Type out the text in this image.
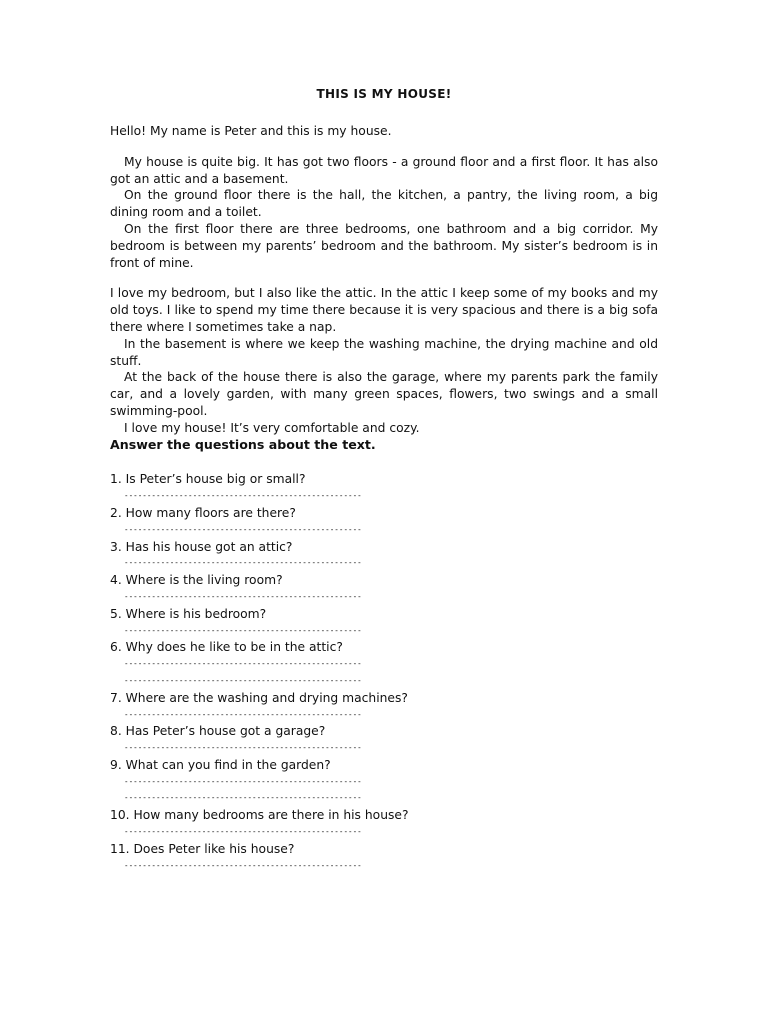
THIS IS MY HOUSE!

Hello! My name is Peter and this is my house.

My house is quite big. It has got two floors - a ground floor and a first floor. It has also got an attic and a basement.

On the ground floor there is the hall, the kitchen, a pantry, the living room, a big dining room and a toilet.

On the first floor there are three bedrooms, one bathroom and a big corridor. My bedroom is between my parents’ bedroom and the bathroom. My sister’s bedroom is in front of mine.

I love my bedroom, but I also like the attic. In the attic I keep some of my books and my old toys. I like to spend my time there because it is very spacious and there is a big sofa there where I sometimes take a nap.

In the basement is where we keep the washing machine, the drying machine and old stuff.

At the back of the house there is also the garage, where my parents park the family car, and a lovely garden, with many green spaces, flowers, two swings and a small swimming-pool.

I love my house! It’s very comfortable and cozy.

Answer the questions about the text.
1. Is Peter’s house big or small?
----------------------------------------------------
2. How many floors are there?
----------------------------------------------------
3. Has his house got an attic?
----------------------------------------------------
4. Where is the living room?
----------------------------------------------------
5. Where is his bedroom?
----------------------------------------------------
6. Why does he like to be in the attic?
----------------------------------------------------
----------------------------------------------------
7. Where are the washing and drying machines?
----------------------------------------------------
8. Has Peter’s house got a garage?
----------------------------------------------------
9. What can you find in the garden?
----------------------------------------------------
----------------------------------------------------
10. How many bedrooms are there in his house?
----------------------------------------------------
11. Does Peter like his house?
----------------------------------------------------
